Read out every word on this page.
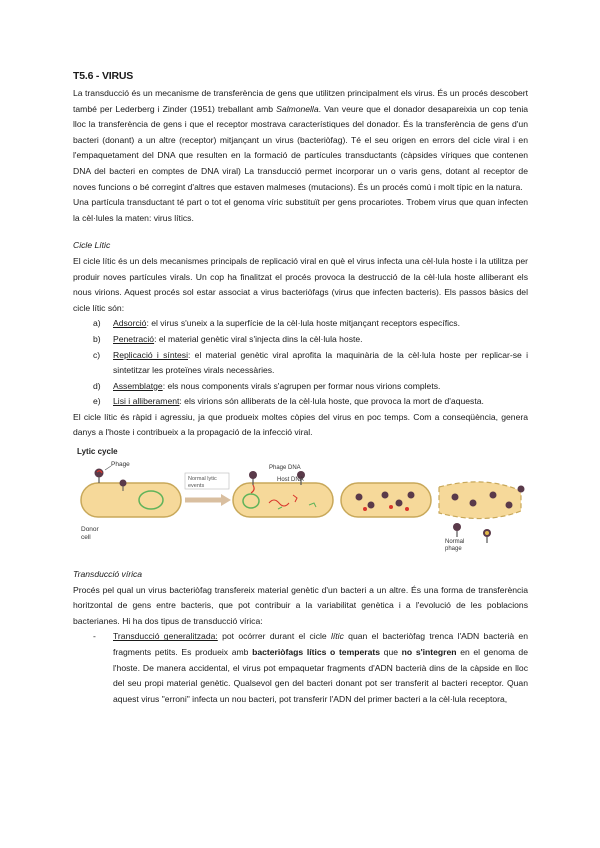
T5.6 - VIRUS

La transducció és un mecanisme de transferència de gens que utilitzen principalment els virus. És un procés descobert també per Lederberg i Zinder (1951) treballant amb Salmonella. Van veure que el donador desapareixia un cop tenia lloc la transferència de gens i que el receptor mostrava característiques del donador. És la transferència de gens d'un bacteri (donant) a un altre (receptor) mitjançant un virus (bacteriòfag). Té el seu origen en errors del cicle viral i en l'empaquetament del DNA que resulten en la formació de partícules transductants (càpsides víriques que contenen DNA del bacteri en comptes de DNA viral) La transducció permet incorporar un o varis gens, dotant al receptor de noves funcions o bé corregint d'altres que estaven malmeses (mutacions). És un procés comú i molt típic en la natura.

Una partícula transductant té part o tot el genoma víric substituït per gens procariotes. Trobem virus que quan infecten la cèl·lules la maten: virus lítics.

Cicle Lític

El cicle lític és un dels mecanismes principals de replicació viral en què el virus infecta una cèl·lula hoste i la utilitza per produir noves partícules virals. Un cop ha finalitzat el procés provoca la destrucció de la cèl·lula hoste alliberant els nous virions. Aquest procés sol estar associat a virus bacteriòfags (virus que infecten bacteris). Els passos bàsics del cicle lític són:

a) Adsorció: el virus s'uneix a la superfície de la cèl·lula hoste mitjançant receptors específics.
b) Penetració: el material genètic viral s'injecta dins la cèl·lula hoste.
c) Replicació i síntesi: el material genètic viral aprofita la maquinària de la cèl·lula hoste per replicar-se i sintetitzar les proteïnes virals necessàries.
d) Assemblatge: els nous components virals s'agrupen per formar nous virions complets.
e) Lisi i alliberament: els virions són alliberats de la cèl·lula hoste, que provoca la mort de d'aquesta.

El cicle lític és ràpid i agressiu, ja que produeix moltes còpies del virus en poc temps. Com a conseqüència, genera danys a l'hoste i contribueix a la propagació de la infecció viral.

Lytic cycle
Phage
Donor
cell
Normal lytic
events
Phage DNA
Host DNA
Normal
phage

Transducció vírica

Procés pel qual un virus bacteriòfag transfereix material genètic d'un bacteri a un altre. És una forma de transferència horitzontal de gens entre bacteris, que pot contribuir a la variabilitat genètica i a l'evolució de les poblacions bacterianes. Hi ha dos tipus de transducció vírica:

- Transducció generalitzada: pot ocórrer durant el cicle lític quan el bacteriòfag trenca l'ADN bacterià en fragments petits. Es produeix amb bacteriòfags lítics o temperats que no s'integren en el genoma de l'hoste. De manera accidental, el virus pot empaquetar fragments d'ADN bacterià dins de la càpside en lloc del seu propi material genètic. Qualsevol gen del bacteri donant pot ser transferit al bacteri receptor. Quan aquest virus "erroni" infecta un nou bacteri, pot transferir l'ADN del primer bacteri a la cèl·lula receptora,
